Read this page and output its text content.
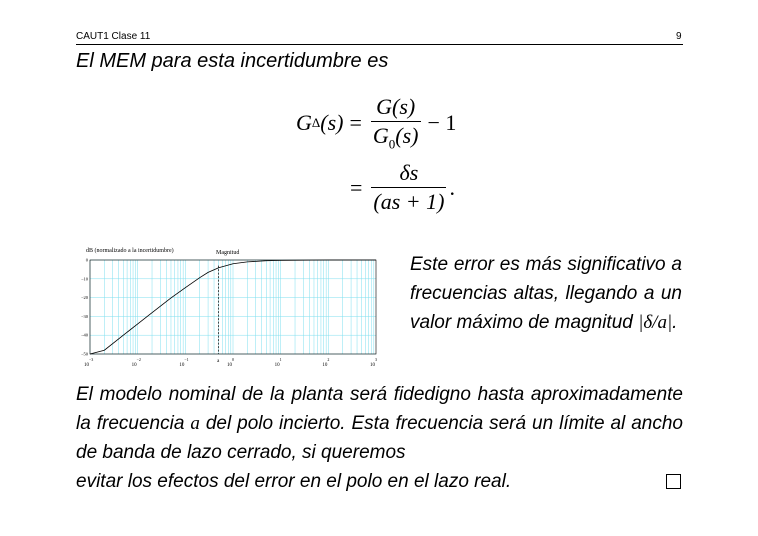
CAUT1 Clase 11	9
El MEM para esta incertidumbre es
G Δ $(s) = \frac{G(s)}{G_0(s)} - 1$
= $\frac{\delta s}{(as + 1)}$ .
dB (normalizado a la incertidumbre)	Magnitud
a
0
−10
−20
−30
−40
−50
10
−3
10
−2
10
−1
10
0
10
1
10
2
10
3
Este error es más significativo a frecuencias altas, llegando a un valor máximo de magnitud |δ/a|.
El modelo nominal de la planta será fidedigno hasta aproximadamente la frecuencia a del polo incierto. Esta frecuencia será un límite al ancho de banda de lazo cerrado, si queremos
evitar los efectos del error en el polo en el lazo real.
